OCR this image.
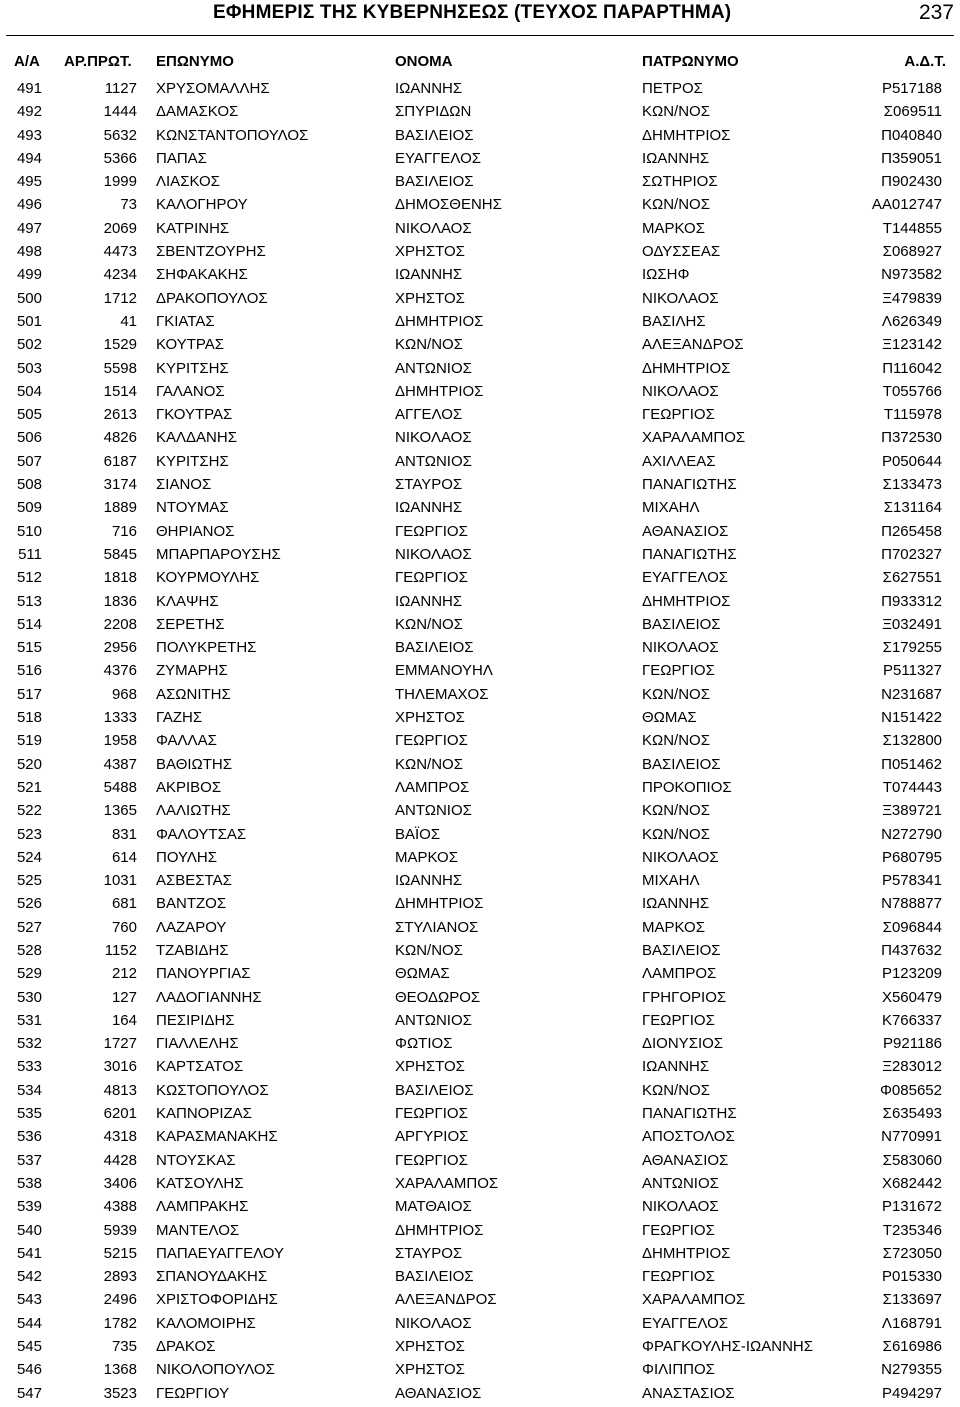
ΕΦΗΜΕΡΙΣ ΤΗΣ ΚΥΒΕΡΝΗΣΕΩΣ (ΤΕΥΧΟΣ ΠΑΡΑΡΤΗΜΑ)	237
Α/Α ΑΡ.ΠΡΩΤ. ΕΠΩΝΥΜΟ	ΟΝΟΜΑ	ΠΑΤΡΩΝΥΜΟ	Α.Δ.Τ.
491	1127 ΧΡΥΣΟΜΑΛΛΗΣ	ΙΩΑΝΝΗΣ	ΠΕΤΡΟΣ	Ρ517188
492	1444 ΔΑΜΑΣΚΟΣ	ΣΠΥΡΙΔΩΝ	ΚΩΝ/ΝΟΣ	Σ069511
493	5632 ΚΩΝΣΤΑΝΤΟΠΟΥΛΟΣ	ΒΑΣΙΛΕΙΟΣ	ΔΗΜΗΤΡΙΟΣ	Π040840
494	5366 ΠΑΠΑΣ	ΕΥΑΓΓΕΛΟΣ	ΙΩΑΝΝΗΣ	Π359051
495	1999 ΛΙΑΣΚΟΣ	ΒΑΣΙΛΕΙΟΣ	ΣΩΤΗΡΙΟΣ	Π902430
496	73 ΚΑΛΟΓΗΡΟΥ	ΔΗΜΟΣΘΕΝΗΣ	ΚΩΝ/ΝΟΣ	ΑΑ012747
497	2069 ΚΑΤΡΙΝΗΣ	ΝΙΚΟΛΑΟΣ	ΜΑΡΚΟΣ	Τ144855
498	4473 ΣΒΕΝΤΖΟΥΡΗΣ	ΧΡΗΣΤΟΣ	ΟΔΥΣΣΕΑΣ	Σ068927
499	4234 ΣΗΦΑΚΑΚΗΣ	ΙΩΑΝΝΗΣ	ΙΩΣΗΦ	Ν973582
500	1712 ΔΡΑΚΟΠΟΥΛΟΣ	ΧΡΗΣΤΟΣ	ΝΙΚΟΛΑΟΣ	Ξ479839
501	41 ΓΚΙΑΤΑΣ	ΔΗΜΗΤΡΙΟΣ	ΒΑΣΙΛΗΣ	Λ626349
502	1529 ΚΟΥΤΡΑΣ	ΚΩΝ/ΝΟΣ	ΑΛΕΞΑΝΔΡΟΣ	Ξ123142
503	5598 ΚΥΡΙΤΣΗΣ	ΑΝΤΩΝΙΟΣ	ΔΗΜΗΤΡΙΟΣ	Π116042
504	1514 ΓΑΛΑΝΟΣ	ΔΗΜΗΤΡΙΟΣ	ΝΙΚΟΛΑΟΣ	Τ055766
505	2613 ΓΚΟΥΤΡΑΣ	ΑΓΓΕΛΟΣ	ΓΕΩΡΓΙΟΣ	Τ115978
506	4826 ΚΑΛΔΑΝΗΣ	ΝΙΚΟΛΑΟΣ	ΧΑΡΑΛΑΜΠΟΣ	Π372530
507	6187 ΚΥΡΙΤΣΗΣ	ΑΝΤΩΝΙΟΣ	ΑΧΙΛΛΕΑΣ	Ρ050644
508	3174 ΣΙΑΝΟΣ	ΣΤΑΥΡΟΣ	ΠΑΝΑΓΙΩΤΗΣ	Σ133473
509	1889 ΝΤΟΥΜΑΣ	ΙΩΑΝΝΗΣ	ΜΙΧΑΗΛ	Σ131164
510	716 ΘΗΡΙΑΝΟΣ	ΓΕΩΡΓΙΟΣ	ΑΘΑΝΑΣΙΟΣ	Π265458
511	5845 ΜΠΑΡΠΑΡΟΥΣΗΣ	ΝΙΚΟΛΑΟΣ	ΠΑΝΑΓΙΩΤΗΣ	Π702327
512	1818 ΚΟΥΡΜΟΥΛΗΣ	ΓΕΩΡΓΙΟΣ	ΕΥΑΓΓΕΛΟΣ	Σ627551
513	1836 ΚΛΑΨΗΣ	ΙΩΑΝΝΗΣ	ΔΗΜΗΤΡΙΟΣ	Π933312
514	2208 ΣΕΡΕΤΗΣ	ΚΩΝ/ΝΟΣ	ΒΑΣΙΛΕΙΟΣ	Ξ032491
515	2956 ΠΟΛΥΚΡΕΤΗΣ	ΒΑΣΙΛΕΙΟΣ	ΝΙΚΟΛΑΟΣ	Σ179255
516	4376 ΖΥΜΑΡΗΣ	ΕΜΜΑΝΟΥΗΛ	ΓΕΩΡΓΙΟΣ	Ρ511327
517	968 ΑΣΩΝΙΤΗΣ	ΤΗΛΕΜΑΧΟΣ	ΚΩΝ/ΝΟΣ	Ν231687
518	1333 ΓΑΖΗΣ	ΧΡΗΣΤΟΣ	ΘΩΜΑΣ	Ν151422
519	1958 ΦΑΛΛΑΣ	ΓΕΩΡΓΙΟΣ	ΚΩΝ/ΝΟΣ	Σ132800
520	4387 ΒΑΘΙΩΤΗΣ	ΚΩΝ/ΝΟΣ	ΒΑΣΙΛΕΙΟΣ	Π051462
521	5488 ΑΚΡΙΒΟΣ	ΛΑΜΠΡΟΣ	ΠΡΟΚΟΠΙΟΣ	Τ074443
522	1365 ΛΑΛΙΩΤΗΣ	ΑΝΤΩΝΙΟΣ	ΚΩΝ/ΝΟΣ	Ξ389721
523	831 ΦΑΛΟΥΤΣΑΣ	ΒΑΪΟΣ	ΚΩΝ/ΝΟΣ	Ν272790
524	614 ΠΟΥΛΗΣ	ΜΑΡΚΟΣ	ΝΙΚΟΛΑΟΣ	Ρ680795
525	1031 ΑΣΒΕΣΤΑΣ	ΙΩΑΝΝΗΣ	ΜΙΧΑΗΛ	Ρ578341
526	681 ΒΑΝΤΖΟΣ	ΔΗΜΗΤΡΙΟΣ	ΙΩΑΝΝΗΣ	Ν788877
527	760 ΛΑΖΑΡΟΥ	ΣΤΥΛΙΑΝΟΣ	ΜΑΡΚΟΣ	Σ096844
528	1152 ΤΖΑΒΙΔΗΣ	ΚΩΝ/ΝΟΣ	ΒΑΣΙΛΕΙΟΣ	Π437632
529	212 ΠΑΝΟΥΡΓΙΑΣ	ΘΩΜΑΣ	ΛΑΜΠΡΟΣ	Ρ123209
530	127 ΛΑΔΟΓΙΑΝΝΗΣ	ΘΕΟΔΩΡΟΣ	ΓΡΗΓΟΡΙΟΣ	Χ560479
531	164 ΠΕΣΙΡΙΔΗΣ	ΑΝΤΩΝΙΟΣ	ΓΕΩΡΓΙΟΣ	Κ766337
532	1727 ΓΙΑΛΛΕΛΗΣ	ΦΩΤΙΟΣ	ΔΙΟΝΥΣΙΟΣ	Ρ921186
533	3016 ΚΑΡΤΣΑΤΟΣ	ΧΡΗΣΤΟΣ	ΙΩΑΝΝΗΣ	Ξ283012
534	4813 ΚΩΣΤΟΠΟΥΛΟΣ	ΒΑΣΙΛΕΙΟΣ	ΚΩΝ/ΝΟΣ	Φ085652
535	6201 ΚΑΠΝΟΡΙΖΑΣ	ΓΕΩΡΓΙΟΣ	ΠΑΝΑΓΙΩΤΗΣ	Σ635493
536	4318 ΚΑΡΑΣΜΑΝΑΚΗΣ	ΑΡΓΥΡΙΟΣ	ΑΠΟΣΤΟΛΟΣ	Ν770991
537	4428 ΝΤΟΥΣΚΑΣ	ΓΕΩΡΓΙΟΣ	ΑΘΑΝΑΣΙΟΣ	Σ583060
538	3406 ΚΑΤΣΟΥΛΗΣ	ΧΑΡΑΛΑΜΠΟΣ	ΑΝΤΩΝΙΟΣ	Χ682442
539	4388 ΛΑΜΠΡΑΚΗΣ	ΜΑΤΘΑΙΟΣ	ΝΙΚΟΛΑΟΣ	Ρ131672
540	5939 ΜΑΝΤΕΛΟΣ	ΔΗΜΗΤΡΙΟΣ	ΓΕΩΡΓΙΟΣ	Τ235346
541	5215 ΠΑΠΑΕΥΑΓΓΕΛΟΥ	ΣΤΑΥΡΟΣ	ΔΗΜΗΤΡΙΟΣ	Σ723050
542	2893 ΣΠΑΝΟΥΔΑΚΗΣ	ΒΑΣΙΛΕΙΟΣ	ΓΕΩΡΓΙΟΣ	Ρ015330
543	2496 ΧΡΙΣΤΟΦΟΡΙΔΗΣ	ΑΛΕΞΑΝΔΡΟΣ	ΧΑΡΑΛΑΜΠΟΣ	Σ133697
544	1782 ΚΑΛΟΜΟΙΡΗΣ	ΝΙΚΟΛΑΟΣ	ΕΥΑΓΓΕΛΟΣ	Λ168791
545	735 ΔΡΑΚΟΣ	ΧΡΗΣΤΟΣ	ΦΡΑΓΚΟΥΛΗΣ-ΙΩΑΝΝΗΣ	Σ616986
546	1368 ΝΙΚΟΛΟΠΟΥΛΟΣ	ΧΡΗΣΤΟΣ	ΦΙΛΙΠΠΟΣ	Ν279355
547	3523 ΓΕΩΡΓΙΟΥ	ΑΘΑΝΑΣΙΟΣ	ΑΝΑΣΤΑΣΙΟΣ	Ρ494297
